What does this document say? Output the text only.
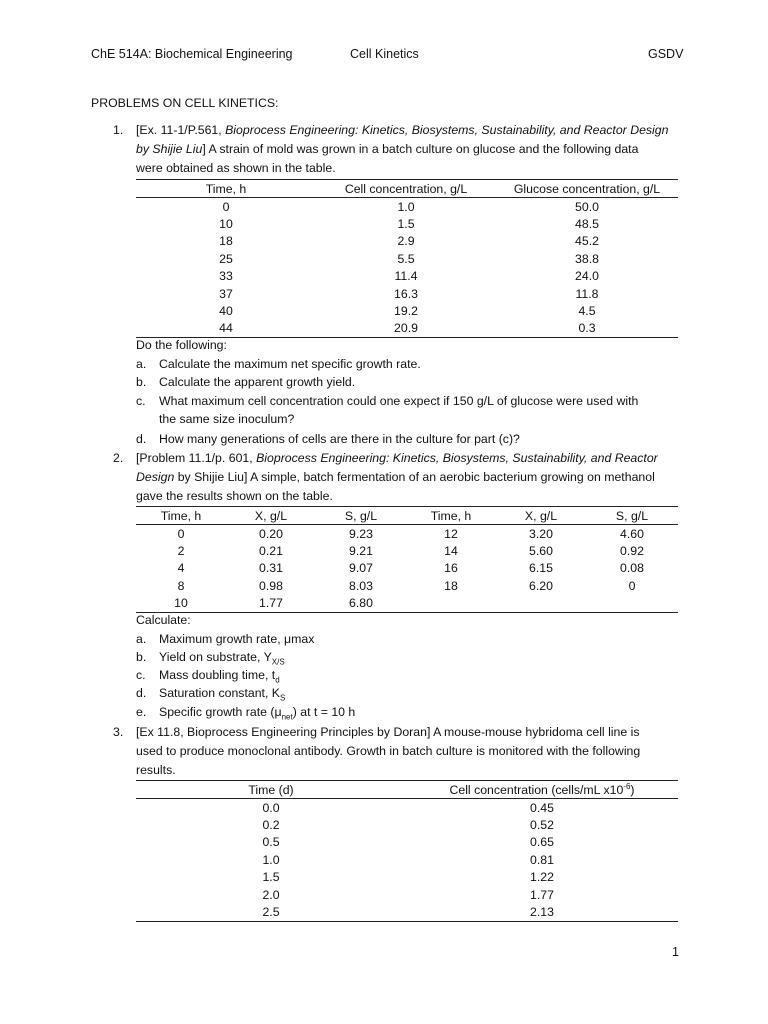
ChE 514A: Biochemical Engineering	Cell Kinetics	GSDV
PROBLEMS ON CELL KINETICS:
1. [Ex. 11-1/P.561, Bioprocess Engineering: Kinetics, Biosystems, Sustainability, and Reactor Design
by Shijie Liu] A strain of mold was grown in a batch culture on glucose and the following data
were obtained as shown in the table.
Time, h	Cell concentration, g/L	Glucose concentration, g/L
0	1.0	50.0
10	1.5	48.5
18	2.9	45.2
25	5.5	38.8
33	11.4	24.0
37	16.3	11.8
40	19.2	4.5
44	20.9	0.3
Do the following:
a. Calculate the maximum net specific growth rate.
b. Calculate the apparent growth yield.
c. What maximum cell concentration could one expect if 150 g/L of glucose were used with
the same size inoculum?
d. How many generations of cells are there in the culture for part (c)?
2. [Problem 11.1/p. 601, Bioprocess Engineering: Kinetics, Biosystems, Sustainability, and Reactor
Design by Shijie Liu] A simple, batch fermentation of an aerobic bacterium growing on methanol
gave the results shown on the table.
Time, h	X, g/L	S, g/L	Time, h	X, g/L	S, g/L
0	0.20	9.23	12	3.20	4.60
2	0.21	9.21	14	5.60	0.92
4	0.31	9.07	16	6.15	0.08
8	0.98	8.03	18	6.20	0
10	1.77	6.80			
Calculate:
a. Maximum growth rate, μmax
b. Yield on substrate, $Y_{X/S}$
c. Mass doubling time, $t_d$
d. Saturation constant, $K_S$
e. Specific growth rate $(\mu_{net})$ at t = 10 h
3. [Ex 11.8, Bioprocess Engineering Principles by Doran] A mouse-mouse hybridoma cell line is
used to produce monoclonal antibody. Growth in batch culture is monitored with the following
results.
Time (d)	Cell concentration (cells/mL $x10^{-6}$)
0.0	0.45
0.2	0.52
0.5	0.65
1.0	0.81
1.5	1.22
2.0	1.77
2.5	2.13
1
